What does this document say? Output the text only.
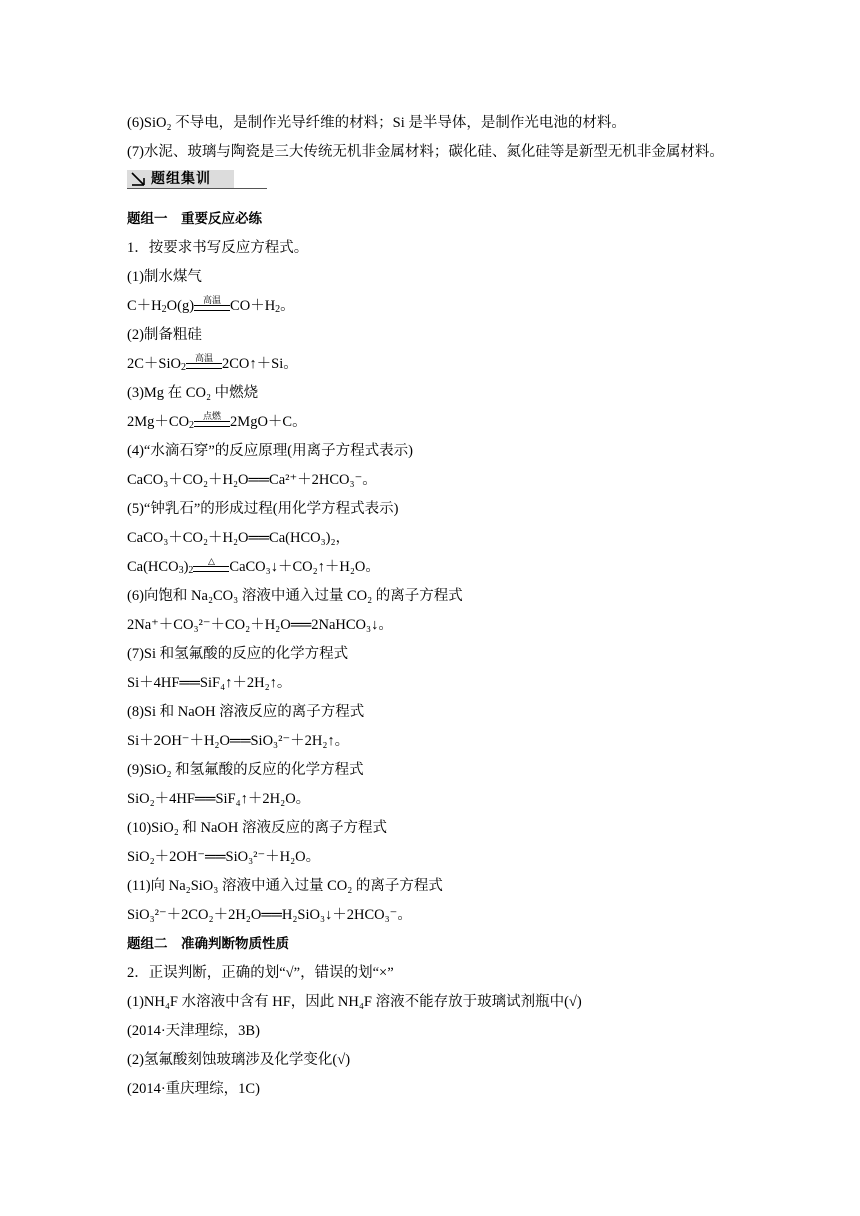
(6)SiO₂ 不导电，是制作光导纤维的材料；Si 是半导体，是制作光电池的材料。
(7)水泥、玻璃与陶瓷是三大传统无机非金属材料；碳化硅、氮化硅等是新型无机非金属材料。
题组集训
题组一　重要反应必练
1．按要求书写反应方程式。
(1)制水煤气
$C+H_2O(g)$ 高温 $CO+H_2$。
(2)制备粗硅
2C＋SiO$_2$
高温 2CO↑＋Si。
(3)Mg 在 CO₂ 中燃烧
$2Mg+CO_2$
点燃 2MgO＋C。
(4)“水滴石穿”的反应原理(用离子方程式表示)
CaCO₃＋CO₂＋H₂O══Ca²⁺＋2HCO₃⁻。
(5)“钟乳石”的形成过程(用化学方程式表示)
CaCO₃＋CO₂＋H₂O══Ca(HCO₃)₂，
$Ca(HCO_3)_2$
△	CaCO₃↓＋CO₂↑＋H₂O。
(6)向饱和 Na₂CO₃ 溶液中通入过量 CO₂ 的离子方程式
2Na⁺＋CO₃²⁻＋CO₂＋H₂O══2NaHCO₃↓。
(7)Si 和氢氟酸的反应的化学方程式
Si＋4HF══SiF₄↑＋2H₂↑。
(8)Si 和 NaOH 溶液反应的离子方程式
Si＋2OH⁻＋H₂O══SiO₃²⁻＋2H₂↑。
(9)SiO₂ 和氢氟酸的反应的化学方程式
SiO₂＋4HF══SiF₄↑＋2H₂O。
(10)SiO₂ 和 NaOH 溶液反应的离子方程式
SiO₂＋2OH⁻══SiO₃²⁻＋H₂O。
(11)向 Na₂SiO₃ 溶液中通入过量 CO₂ 的离子方程式
SiO₃²⁻＋2CO₂＋2H₂O══H₂SiO₃↓＋2HCO₃⁻。
题组二　准确判断物质性质
2．正误判断，正确的划“√”，错误的划“×”
(1)NH₄F 水溶液中含有 HF，因此 NH₄F 溶液不能存放于玻璃试剂瓶中(√)
(2014·天津理综，3B)
(2)氢氟酸刻蚀玻璃涉及化学变化(√)
(2014·重庆理综，1C)
